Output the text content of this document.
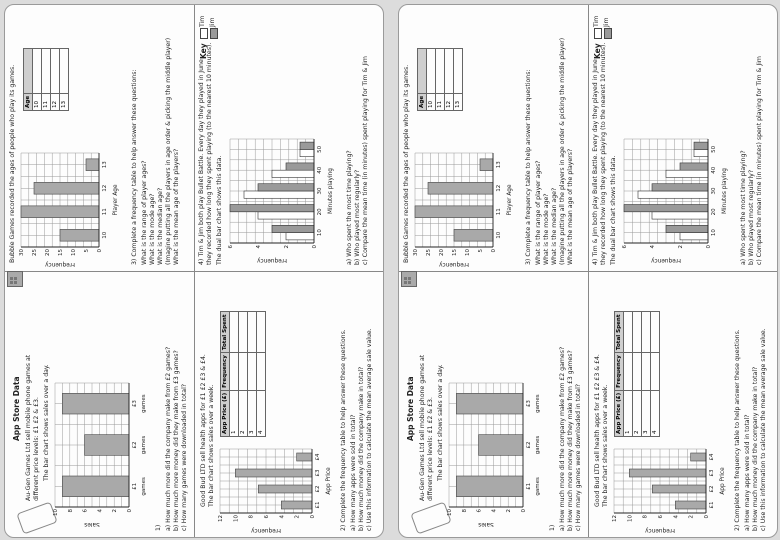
App Store Data Au-Gen Games Ltd sell mobile phone games at different price levels: £1 £2 & £3. The bar chart shows sales over a day.
0
2
4
6
8
10
£1
£2
£3
games
games
games
Sales
1) a) How much more did the company make from £2 games? b) How much more money did they make from £3 games? c) How many games were downloaded in total? Good Bud LTD sell health apps for £1 £2 £3 & £4. The bar chart shows sales over a week.
0
2
4
6
8
10
12
£1
£2
£3
£4
App Price
Frequency
App Price (£)	Frequency	Total Spent
1		
2		
3		
4			2) Complete the frequency table to help answer these questions. a) How many apps were sold in total? b) How much money did the company make in total? c) Use this information to calculate the mean average sale value.
Bubble Games recorded the ages of people who play its games.	0
5
10
15
20
25
30
10
11
12
13
Player Age
Frequency
Age	
10	
11	
12	
13		3) Complete a frequency table to help answer these questions: What is the range of player ages? What is the mode age? What is the median age? (Imagine putting all the players in age order & picking the middle player) What is the mean age of the players?	4) Tim & Jim both play Bullet Battle. Every day they played in June they recorded how long they spent playing (to the nearest 10 minutes). The dual bar chart shows this data.
Key
Tim Jim
0
2
4
6
10
20
30
40
50
Minutes playing
Frequency	a) Who spent the most time playing? b) Who played most regularly? c) Compare the mean time (in minutes) spent playing for Tim & Jim
App Store Data Au-Gen Games Ltd sell mobile phone games at different price levels: £1 £2 & £3. The bar chart shows sales over a day.
0
2
4
6
8
10
£1
£2
£3
games
games
games
Sales
1) a) How much more did the company make from £2 games? b) How much more money did they make from £3 games? c) How many games were downloaded in total? Good Bud LTD sell health apps for £1 £2 £3 & £4. The bar chart shows sales over a week.
0
2
4
6
8
10
12
£1
£2
£3
£4
App Price
Frequency
App Price (£)	Frequency	Total Spent
1		
2		
3		
4			2) Complete the frequency table to help answer these questions. a) How many apps were sold in total? b) How much money did the company make in total? c) Use this information to calculate the mean average sale value.
Bubble Games recorded the ages of people who play its games.	0
5
10
15
20
25
30
10
11
12
13
Player Age
Frequency
Age	
10	
11	
12	
13		3) Complete a frequency table to help answer these questions: What is the range of player ages? What is the mode age? What is the median age? (Imagine putting all the players in age order & picking the middle player) What is the mean age of the players?	4) Tim & Jim both play Bullet Battle. Every day they played in June they recorded how long they spent playing (to the nearest 10 minutes). The dual bar chart shows this data.
Key
Tim Jim
0
2
4
6
10
20
30
40
50
Minutes playing
Frequency	a) Who spent the most time playing? b) Who played most regularly? c) Compare the mean time (in minutes) spent playing for Tim & Jim
